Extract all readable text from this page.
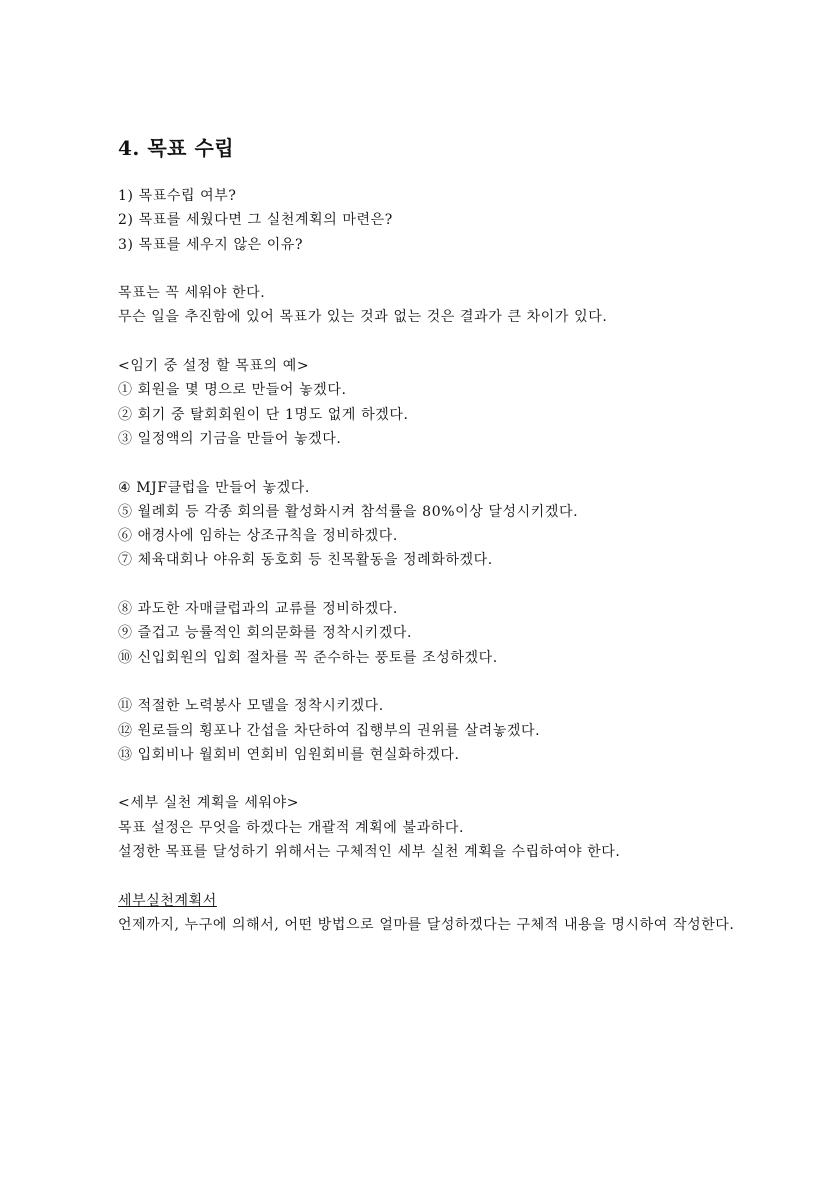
4. 목표 수립
1) 목표수립 여부?
2) 목표를 세웠다면 그 실천계획의 마련은?
3) 목표를 세우지 않은 이유?
목표는 꼭 세워야 한다.
무슨 일을 추진함에 있어 목표가 있는 것과 없는 것은 결과가 큰 차이가 있다.
<임기 중 설정 할 목표의 예>
① 회원을 몇 명으로 만들어 놓겠다.
② 회기 중 탈회회원이 단 1명도 없게 하겠다.
③ 일정액의 기금을 만들어 놓겠다.
④ MJF클럽을 만들어 놓겠다.
⑤ 월례회 등 각종 회의를 활성화시켜 참석률을 80%이상 달성시키겠다.
⑥ 애경사에 임하는 상조규칙을 정비하겠다.
⑦ 체육대회나 야유회 동호회 등 친목활동을 정례화하겠다.
⑧ 과도한 자매클럽과의 교류를 정비하겠다.
⑨ 즐겁고 능률적인 회의문화를 정착시키겠다.
⑩ 신입회원의 입회 절차를 꼭 준수하는 풍토를 조성하겠다.
⑪ 적절한 노력봉사 모델을 정착시키겠다.
⑫ 원로들의 횡포나 간섭을 차단하여 집행부의 권위를 살려놓겠다.
⑬ 입회비나 월회비 연회비 임원회비를 현실화하겠다.
<세부 실천 계획을 세워야>
목표 설정은 무엇을 하겠다는 개괄적 계획에 불과하다.
설정한 목표를 달성하기 위해서는 구체적인 세부 실천 계획을 수립하여야 한다.
세부실천계획서
언제까지, 누구에 의해서, 어떤 방법으로 얼마를 달성하겠다는 구체적 내용을 명시하여 작성한다.
